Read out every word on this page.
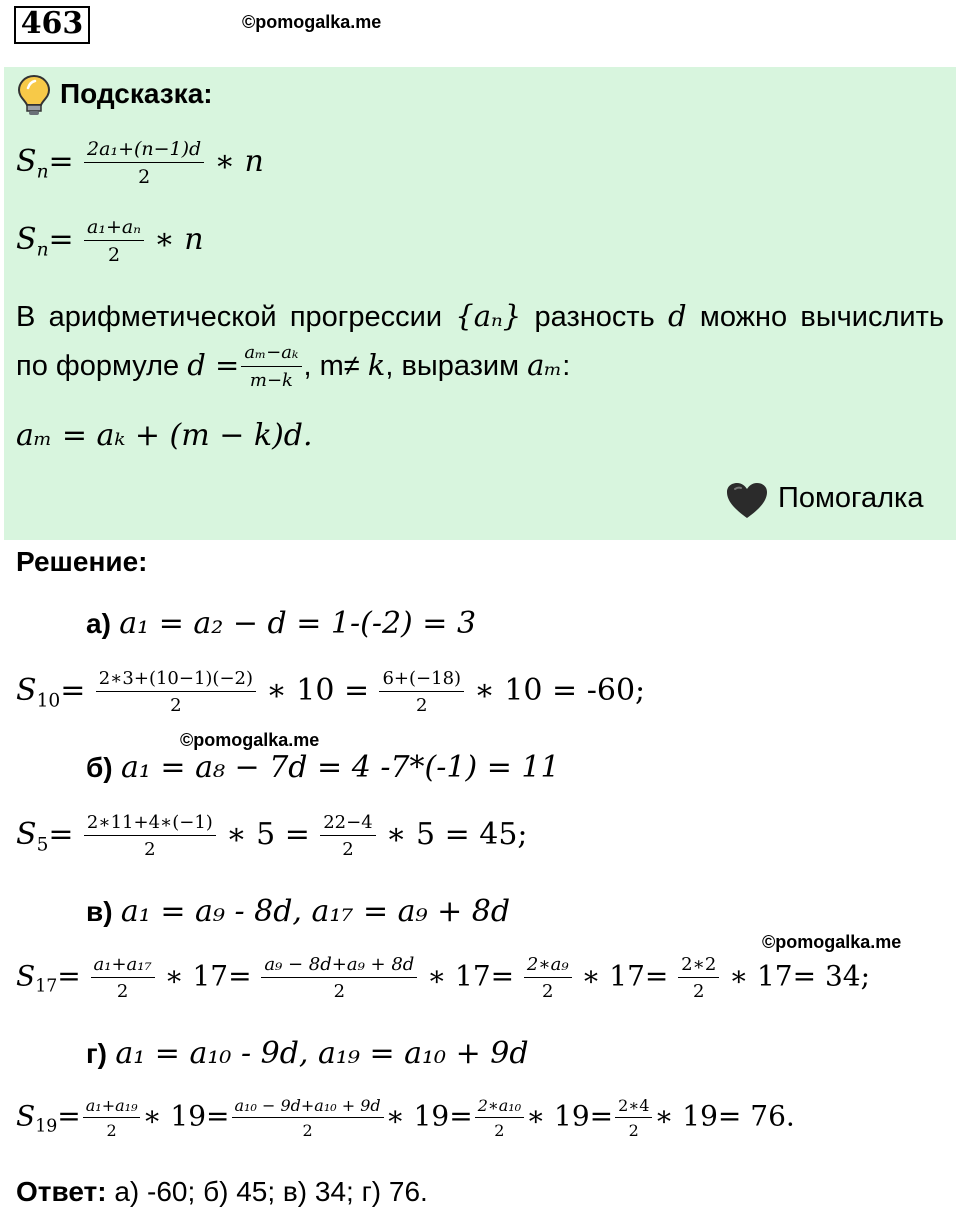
463	©pomogalka.me
Подсказка:
$S_n= \frac{\text{2a₁+(n−1)d}}{2}$ ∗ n
$S_n= \frac{\text{a₁+aₙ}}{2}$ ∗ n
В арифметической прогрессии {aₙ} разность d можно вычислить по формуле $d = \frac{\text{aₘ−aₖ}}{m-k}$ , m≠ k, выразим aₘ:
aₘ = aₖ + (m − k)d.
Помогалка
Решение:
а) a₁ = a₂ − d = 1-(-2) = 3
$S_{10}= \frac{2∗3+(10-1)(-2)}{2}$ ∗ $10 = \frac{6+(-18)}{2}$ ∗ 10 = -60;
©pomogalka.me
б) a₁ = a₈ − 7d = 4 -7*(-1) = 11
$S_5= \frac{2∗11+4∗(-1)}{2}$ ∗ $5 = \frac{22-4}{2}$ ∗ 5 = 45;
в) a₁ = a₉ - 8d, a₁₇ = a₉ + 8d
©pomogalka.me
$S_{17}= \frac{\text{a₁+a₁₇}}{2}$ ∗ $17= \frac{\text{a₉ − 8d+a₉ + 8d}}{2}$ ∗ $17= \frac{\text{2∗a₉}}{2}$ ∗ $17= \frac{2∗2}{2}$ ∗ 17= 34;
г) a₁ = a₁₀ - 9d, a₁₉ = a₁₀ + 9d
$S_{19}= \frac{\text{a₁+a₁₉}}{2}$ ∗ $19= \frac{\text{a₁₀ − 9d+a₁₀ + 9d}}{2}$ ∗ $19= \frac{\text{2∗a₁₀}}{2}$ ∗ $19= \frac{2∗4}{2}$ ∗ 19= 76.
Ответ: а) -60; б) 45; в) 34; г) 76.
